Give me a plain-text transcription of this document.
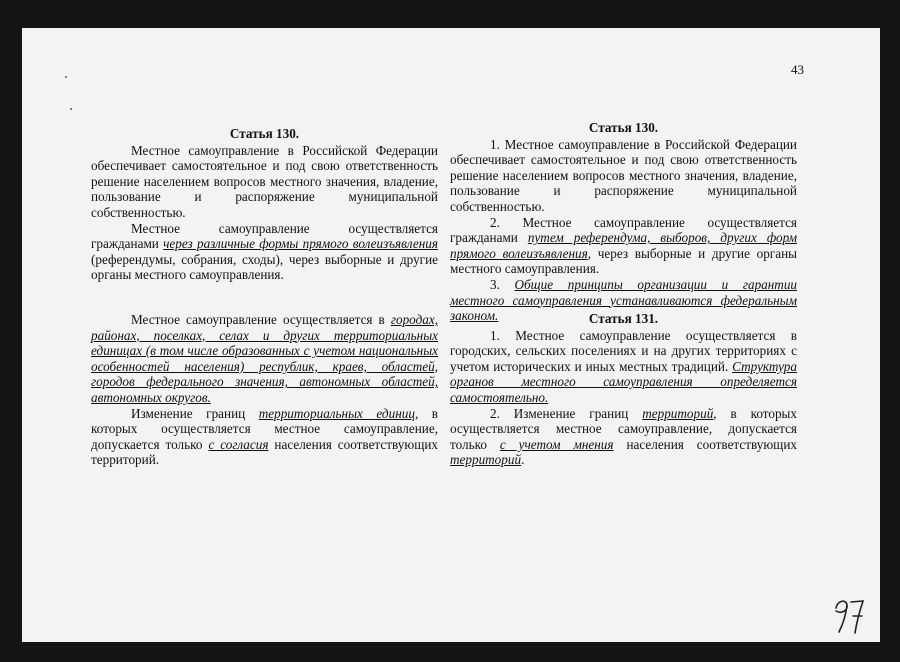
43

Статья 130.

Местное самоуправление в Российской Федерации обеспечивает самостоятельное и под свою ответственность решение населением вопросов местного значения, владение, пользование и распоряжение муниципальной собственностью.

Местное самоуправление осуществляется гражданами через различные формы прямого волеизъявления (референдумы, собрания, сходы), через выборные и другие органы местного самоуправления.

Местное самоуправление осуществляется в городах, районах, поселках, селах и других территориальных единицах (в том числе образованных с учетом национальных особенностей населения) республик, краев, областей, городов федерального значения, автономных областей, автономных округов.

Изменение границ территориальных единиц, в которых осуществляется местное самоуправление, допускается только с согласия населения соответствующих территорий.

Статья 130.

1. Местное самоуправление в Российской Федерации обеспечивает самостоятельное и под свою ответственность решение населением вопросов местного значения, владение, пользование и распоряжение муниципальной собственностью.

2. Местное самоуправление осуществляется гражданами путем референдума, выборов, других форм прямого волеизъявления, через выборные и другие органы местного самоуправления.

3. Общие принципы организации и гарантии местного самоуправления устанавливаются федеральным законом.	Статья 131.

1. Местное самоуправление осуществляется в городских, сельских поселениях и на других территориях с учетом исторических и иных местных традиций. Структура органов местного самоуправления определяется самостоятельно.

2. Изменение границ территорий, в которых осуществляется местное самоуправление, допускается только с учетом мнения населения соответствующих территорий.
